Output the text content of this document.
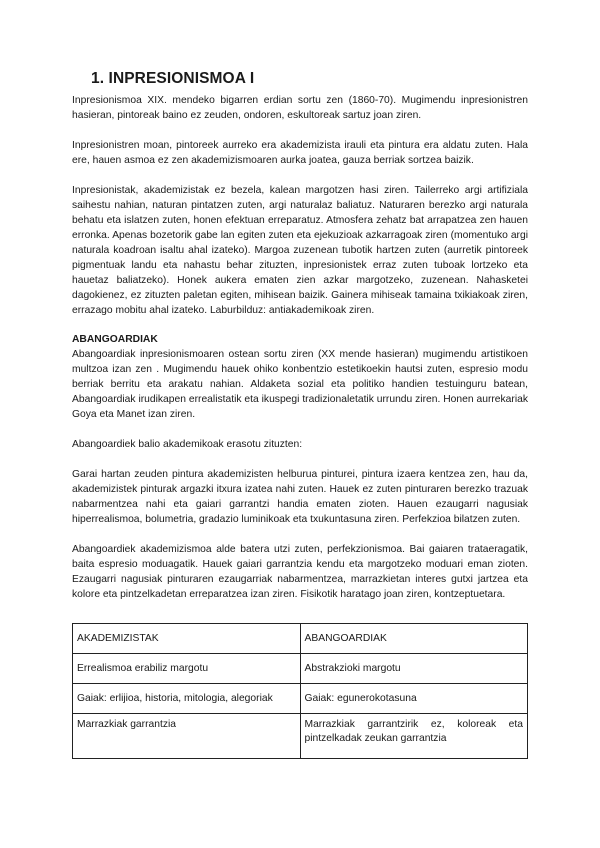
1. INPRESIONISMOA I

Inpresionismoa XIX. mendeko bigarren erdian sortu zen (1860-70). Mugimendu inpresionistren hasieran, pintoreak baino ez zeuden, ondoren, eskultoreak sartuz joan ziren.

Inpresionistren moan, pintoreek aurreko era akademizista irauli eta pintura era aldatu zuten. Hala ere, hauen asmoa ez zen akademizismoaren aurka joatea, gauza berriak sortzea baizik.

Inpresionistak, akademizistak ez bezela, kalean margotzen hasi ziren. Tailerreko argi artifiziala saihestu nahian, naturan pintatzen zuten, argi naturalaz baliatuz. Naturaren berezko argi naturala behatu eta islatzen zuten, honen efektuan erreparatuz. Atmosfera zehatz bat arrapatzea zen hauen erronka. Apenas bozetorik gabe lan egiten zuten eta ejekuzioak azkarragoak ziren (momentuko argi naturala koadroan isaltu ahal izateko). Margoa zuzenean tubotik hartzen zuten (aurretik pintoreek pigmentuak landu eta nahastu behar zituzten, inpresionistek erraz zuten tuboak lortzeko eta hauetaz baliatzeko). Honek aukera ematen zien azkar margotzeko, zuzenean. Nahasketei dagokienez, ez zituzten paletan egiten, mihisean baizik. Gainera mihiseak tamaina txikiakoak ziren, errazago mobitu ahal izateko. Laburbilduz: antiakademikoak ziren.

ABANGOARDIAK

Abangoardiak inpresionismoaren ostean sortu ziren (XX mende hasieran) mugimendu artistikoen multzoa izan zen . Mugimendu hauek ohiko konbentzio estetikoekin hautsi zuten, espresio modu berriak berritu eta arakatu nahian. Aldaketa sozial eta politiko handien testuinguru batean, Abangoardiak irudikapen errealistatik eta ikuspegi tradizionaletatik urrundu ziren. Honen aurrekariak Goya eta Manet izan ziren.

Abangoardiek balio akademikoak erasotu zituzten:

Garai hartan zeuden pintura akademizisten helburua pinturei, pintura izaera kentzea zen, hau da, akademizistek pinturak argazki itxura izatea nahi zuten. Hauek ez zuten pinturaren berezko trazuak nabarmentzea nahi eta gaiari garrantzi handia ematen zioten. Hauen ezaugarri nagusiak hiperrealismoa, bolumetria, gradazio luminikoak eta txukuntasuna ziren. Perfekzioa bilatzen zuten.

Abangoardiek akademizismoa alde batera utzi zuten, perfekzionismoa. Bai gaiaren trataeragatik, baita espresio moduagatik. Hauek gaiari garrantzia kendu eta margotzeko moduari eman zioten. Ezaugarri nagusiak pinturaren ezaugarriak nabarmentzea, marrazkietan interes gutxi jartzea eta kolore eta pintzelkadetan erreparatzea izan ziren. Fisikotik haratago joan ziren, kontzeptuetara.

AKADEMIZISTAK	ABANGOARDIAK
Errealismoa erabiliz margotu	Abstrakzioki margotu
Gaiak: erlijioa, historia, mitologia, alegoriak	Gaiak: egunerokotasuna
Marrazkiak garrantzia	Marrazkiak garrantzirik ez, koloreak eta pintzelkadak zeukan garrantzia
